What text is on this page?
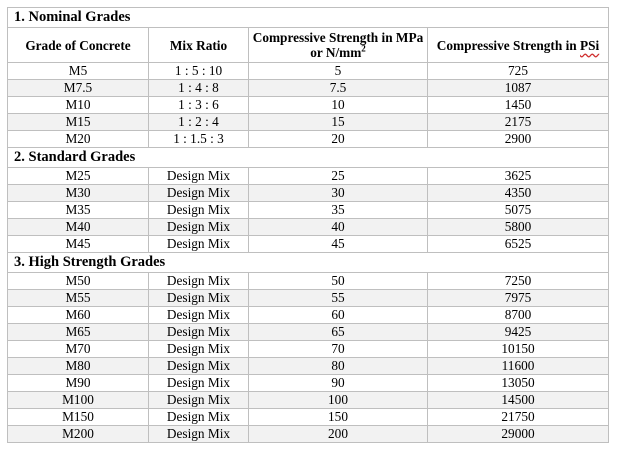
1. Nominal Grades			
Grade of Concrete	Mix Ratio	Compressive Strength in MPa or $N/mm^2$	Compressive Strength in PSi
M5	1 : 5 : 10	5	725
M7.5	1 : 4 : 8	7.5	1087
M10	1 : 3 : 6	10	1450
M15	1 : 2 : 4	15	2175
M20	1 : 1.5 : 3	20	2900
2. Standard Grades			
M25	Design Mix	25	3625
M30	Design Mix	30	4350
M35	Design Mix	35	5075
M40	Design Mix	40	5800
M45	Design Mix	45	6525
3. High Strength Grades			
M50	Design Mix	50	7250
M55	Design Mix	55	7975
M60	Design Mix	60	8700
M65	Design Mix	65	9425
M70	Design Mix	70	10150
M80	Design Mix	80	11600
M90	Design Mix	90	13050
M100	Design Mix	100	14500
M150	Design Mix	150	21750
M200	Design Mix	200	29000
